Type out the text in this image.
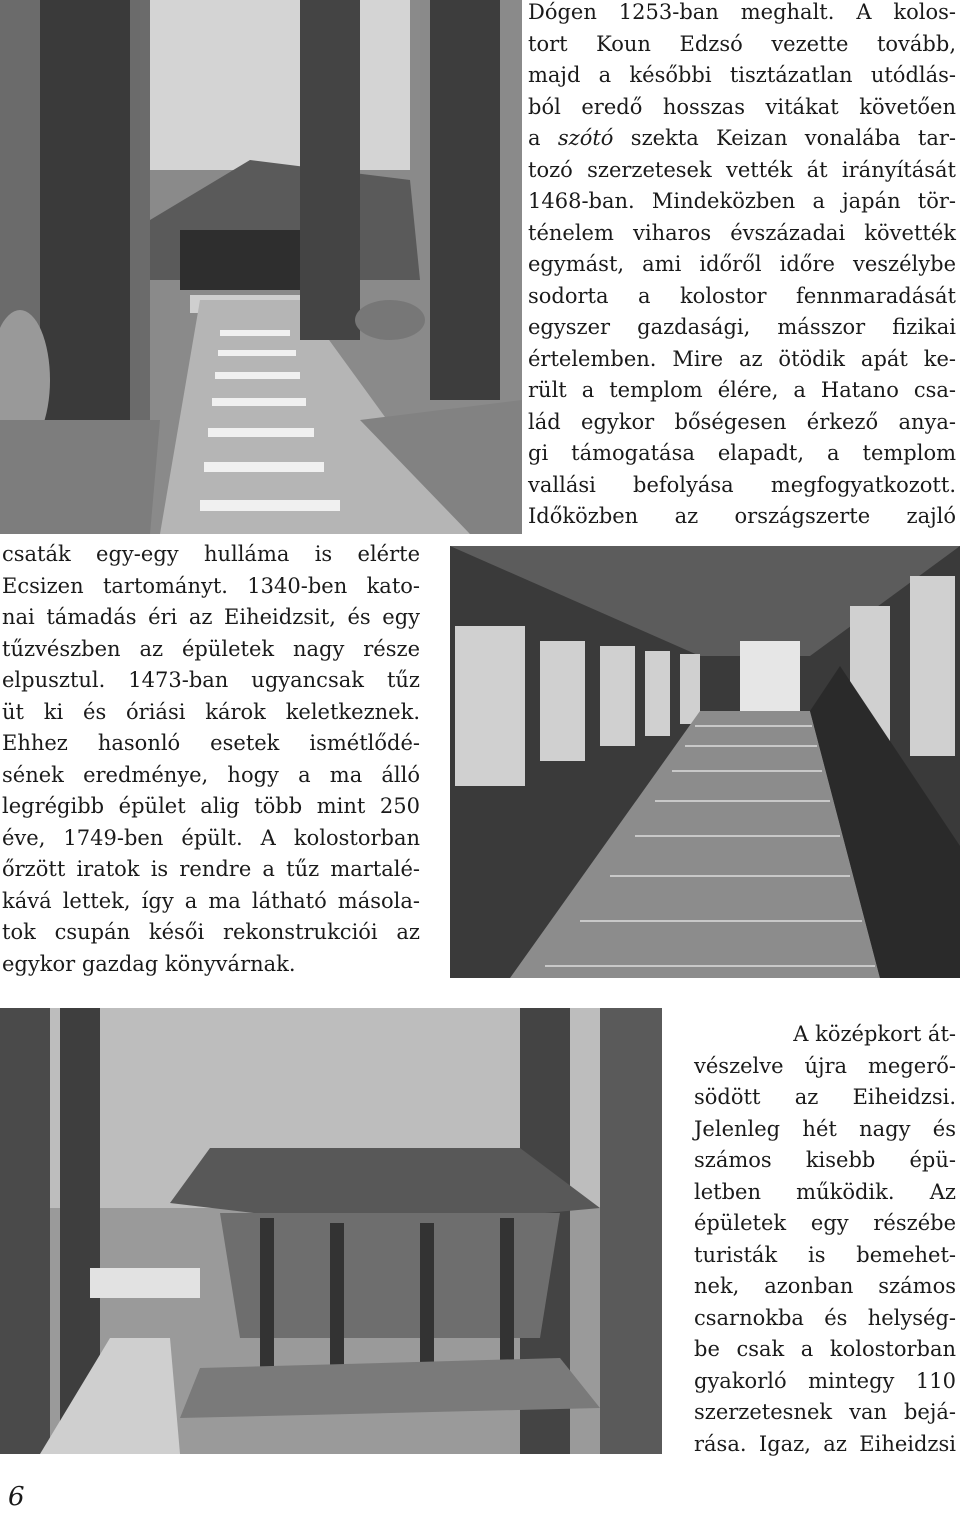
Dógen 1253-ban meghalt. A kolos-
tort Koun Edzsó vezette tovább,
majd a későbbi tisztázatlan utódlás-
ból eredő hosszas vitákat követően
a szótó szekta Keizan vonalába tar-
tozó szerzetesek vették át irányítását
1468-ban. Mindeközben a japán tör-
ténelem viharos évszázadai követték
egymást, ami időről időre veszélybe
sodorta a kolostor fennmaradását
egyszer gazdasági, másszor fizikai
értelemben. Mire az ötödik apát ke-
rült a templom élére, a Hatano csa-
lád egykor bőségesen érkező anya-
gi támogatása elapadt, a templom
vallási befolyása megfogyatkozott.
Időközben az országszerte zajló
csaták egy-egy hulláma is elérte
Ecsizen tartományt. 1340-ben kato-
nai támadás éri az Eiheidzsit, és egy
tűzvészben az épületek nagy része
elpusztul. 1473-ban ugyancsak tűz
üt ki és óriási károk keletkeznek.
Ehhez hasonló esetek ismétlődé-
sének eredménye, hogy a ma álló
legrégibb épület alig több mint 250
éve, 1749-ben épült. A kolostorban
őrzött iratok is rendre a tűz martalé-
kává lettek, így a ma látható másola-
tok csupán késői rekonstrukciói az
egykor gazdag könyvárnak.
A középkort át-
vészelve újra megerő-
södött az Eiheidzsi.
Jelenleg hét nagy és
számos kisebb épü-
letben működik. Az
épületek egy részébe
turisták is bemehet-
nek, azonban számos
csarnokba és helység-
be csak a kolostorban
gyakorló mintegy 110
szerzetesnek van bejá-
rása. Igaz, az Eiheidzsi
6
